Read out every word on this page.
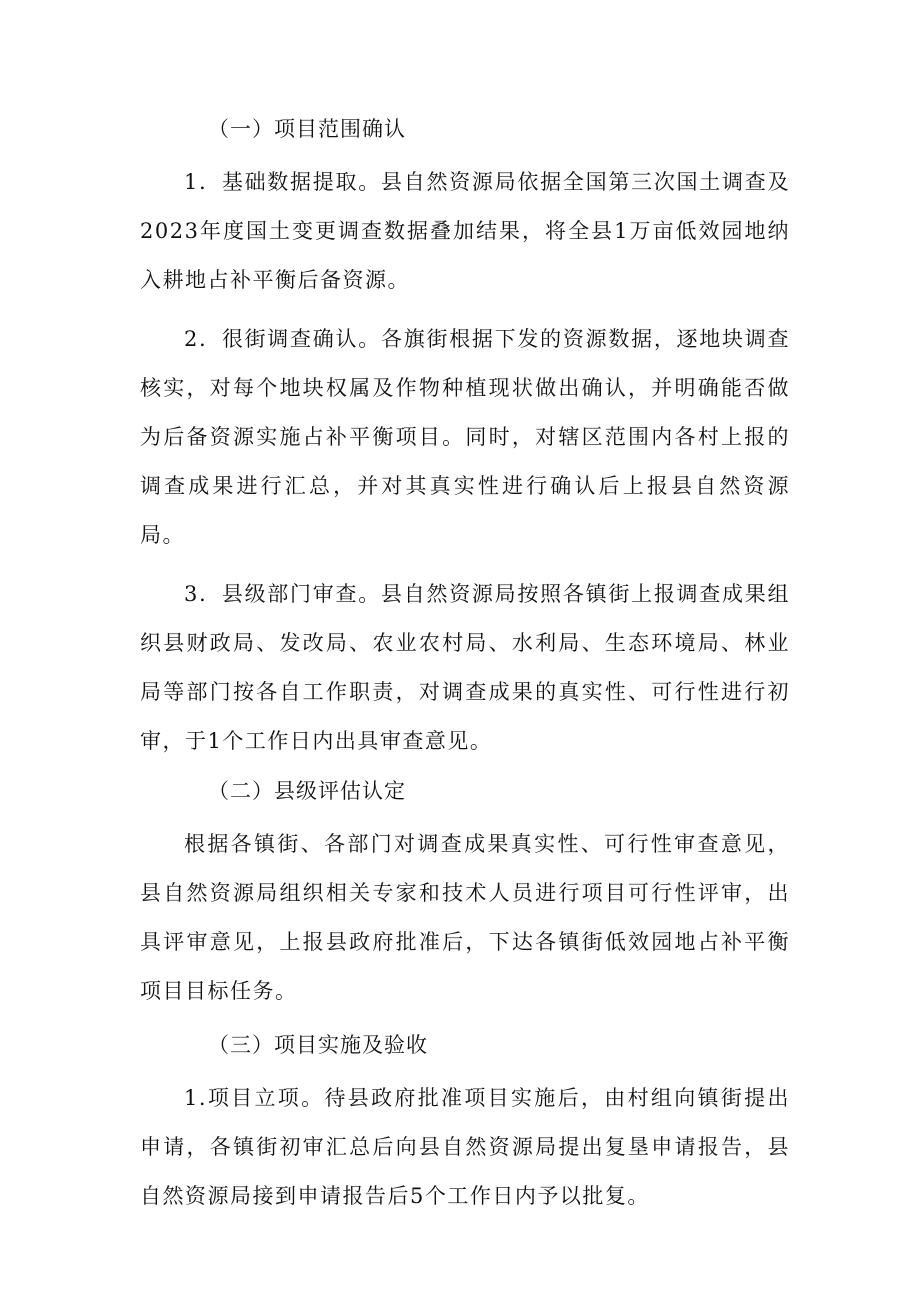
（一）项目范围确认

1．基础数据提取。县自然资源局依据全国第三次国土调查及2023年度国土变更调查数据叠加结果，将全县1万亩低效园地纳入耕地占补平衡后备资源。

2．很街调查确认。各旗街根据下发的资源数据，逐地块调查核实，对每个地块权属及作物种植现状做出确认，并明确能否做为后备资源实施占补平衡项目。同时，对辖区范围内各村上报的调查成果进行汇总，并对其真实性进行确认后上报县自然资源局。

3．县级部门审查。县自然资源局按照各镇街上报调查成果组织县财政局、发改局、农业农村局、水利局、生态环境局、林业局等部门按各自工作职责，对调查成果的真实性、可行性进行初审，于1个工作日内出具审查意见。

（二）县级评估认定

根据各镇街、各部门对调查成果真实性、可行性审查意见，县自然资源局组织相关专家和技术人员进行项目可行性评审，出具评审意见，上报县政府批准后，下达各镇街低效园地占补平衡项目目标任务。

（三）项目实施及验收

1.项目立项。待县政府批准项目实施后，由村组向镇街提出申请，各镇街初审汇总后向县自然资源局提出复垦申请报告，县自然资源局接到申请报告后5个工作日内予以批复。
